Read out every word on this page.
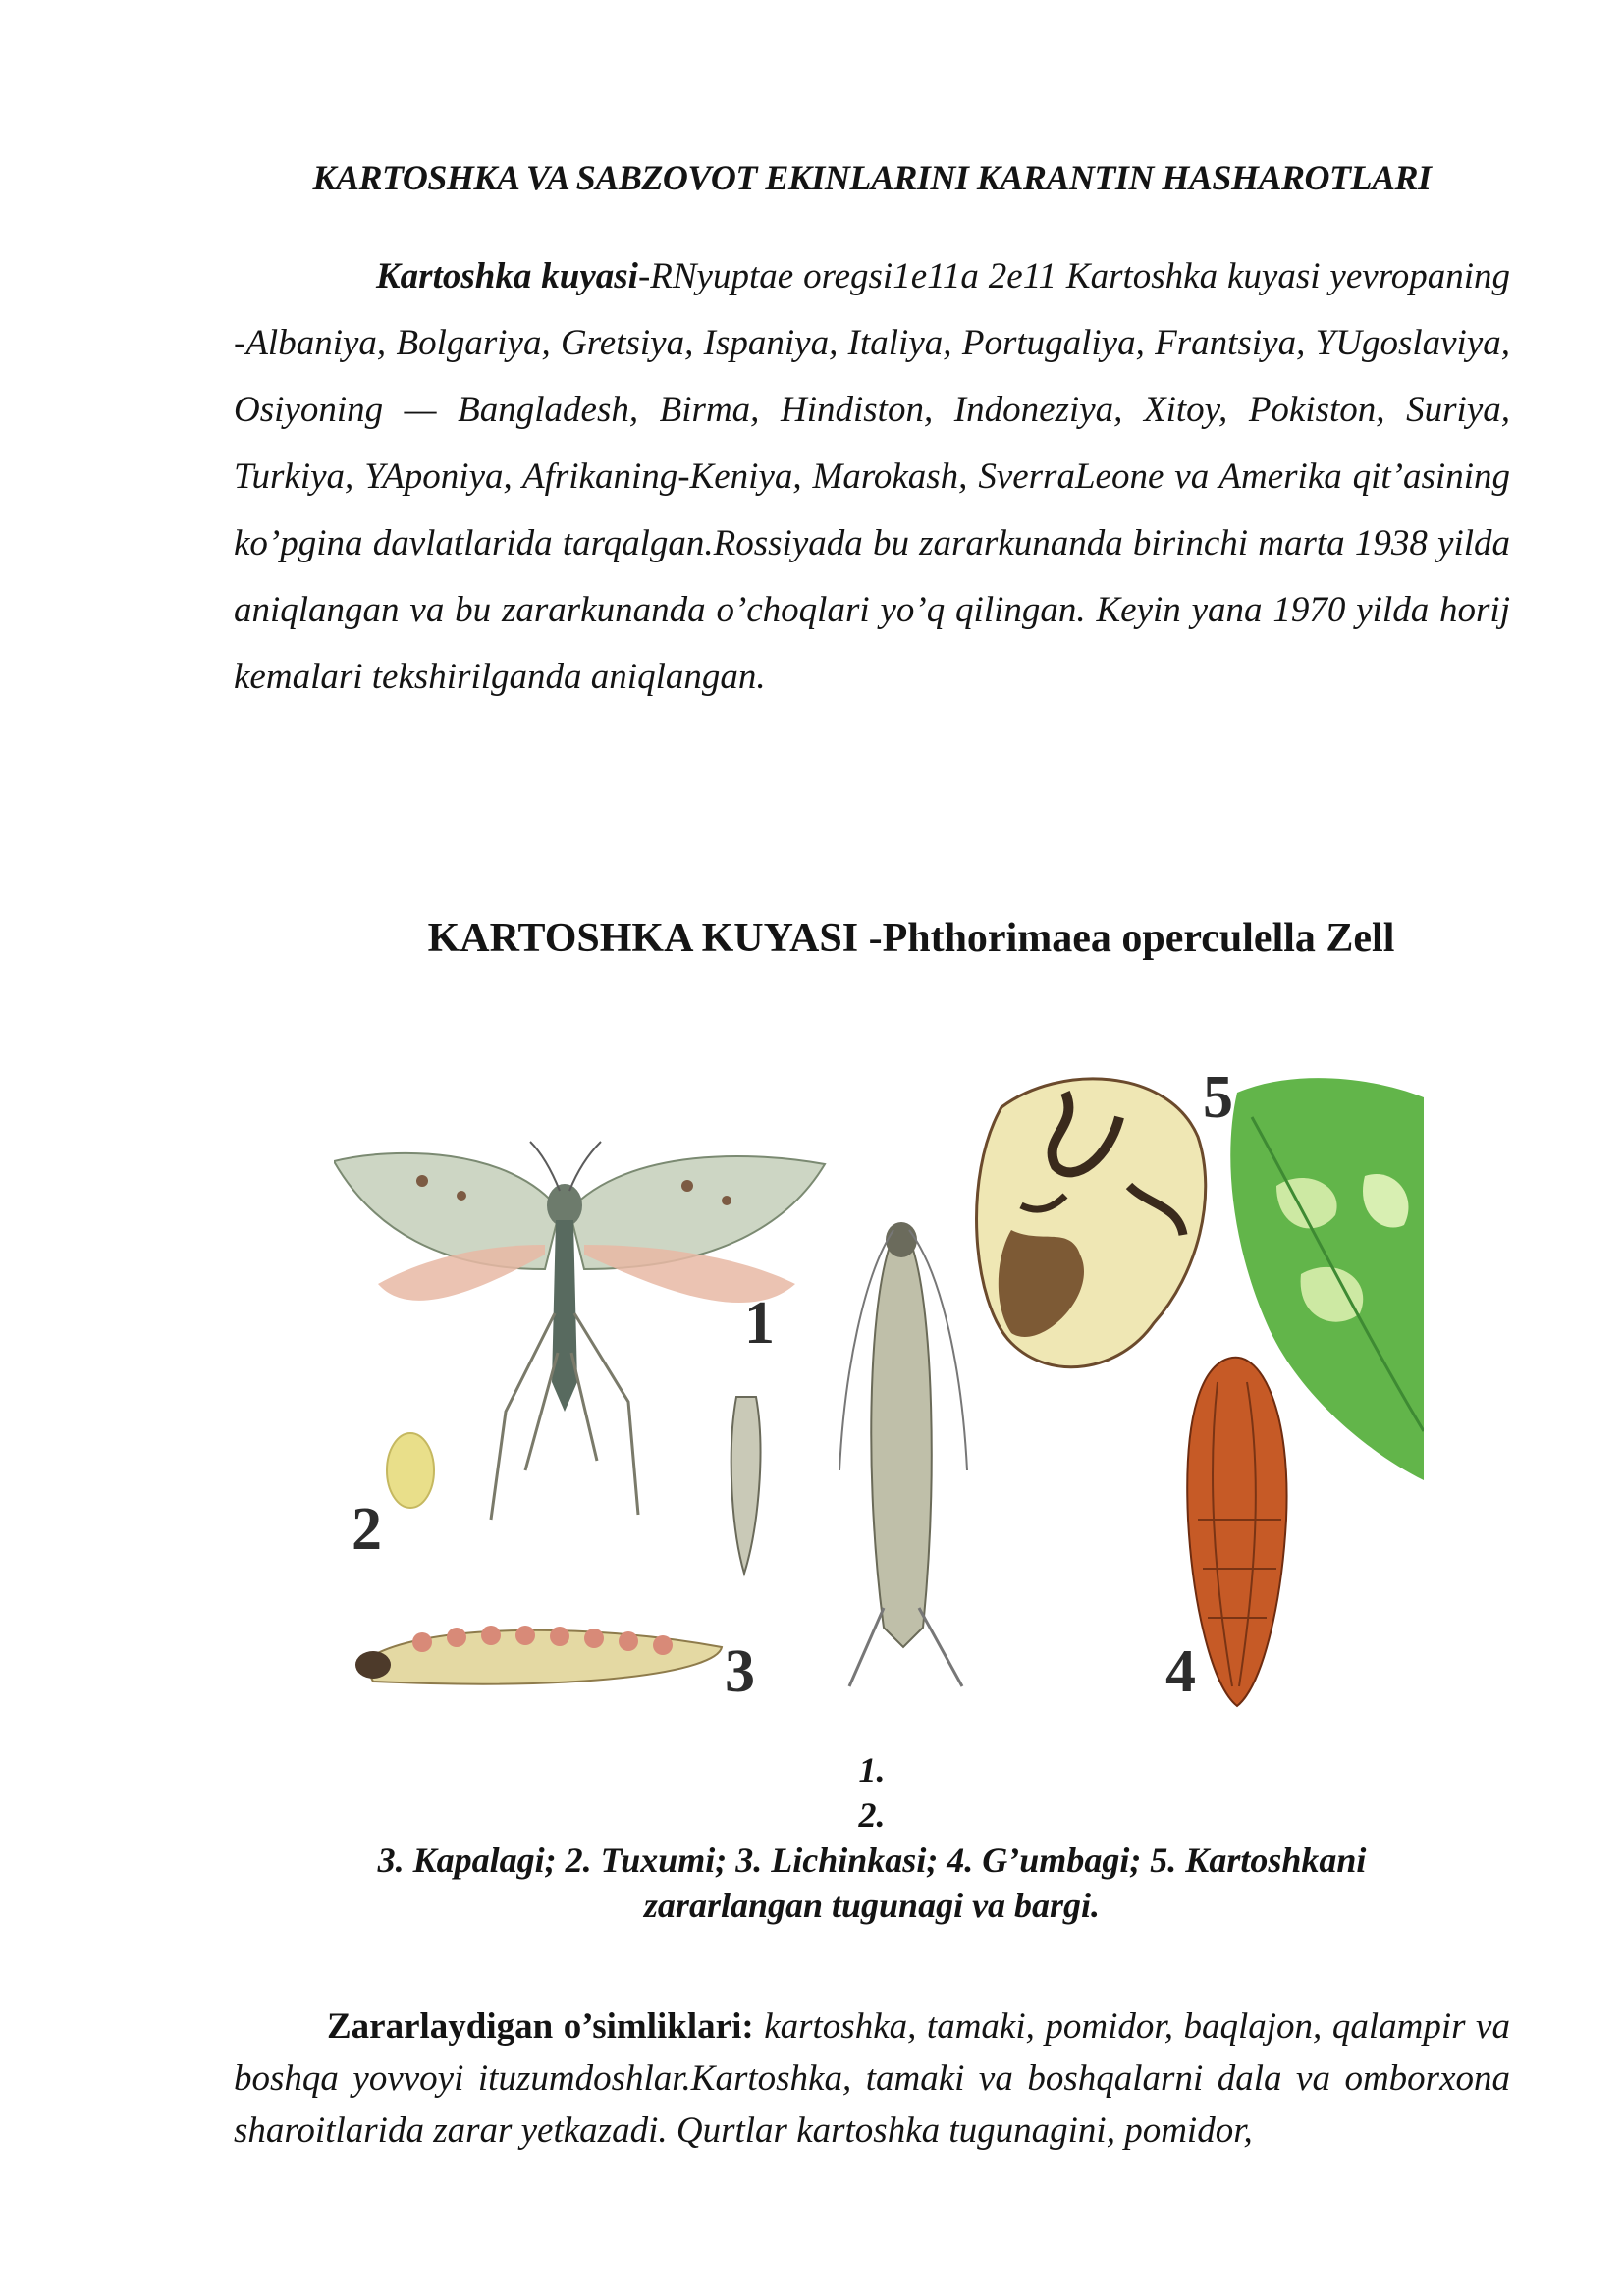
KARTOSHKA VA SABZOVOT EKINLARINI KARANTIN HASHAROTLARI
Kartoshka kuyasi-RNyuptae oregsi1e11a 2e11 Kartoshka kuyasi yevropaning -Albaniya, Bolgariya, Gretsiya, Ispaniya, Italiya, Portugaliya, Frantsiya, YUgoslaviya, Osiyoning — Bangladesh, Birma, Hindiston, Indoneziya, Xitoy, Pokiston, Suriya, Turkiya, YAponiya, Afrikaning-Keniya, Marokash, SverraLeone va Amerika qit’asining ko’pgina davlatlarida tarqalgan.Rossiyada bu zararkunanda birinchi marta 1938 yilda aniqlangan va bu zararkunanda o’choqlari yo’q qilingan. Keyin yana 1970 yilda horij kemalari tekshirilganda aniqlangan.
KARTOSHKA KUYASI -Phthorimaea operculella Zell
1
2
3	4
5
1.
2.
3. Kapalagi; 2. Tuxumi; 3. Lichinkasi; 4. G’umbagi; 5. Kartoshkani
zararlangan tugunagi va bargi.
Zararlaydigan o’simliklari: kartoshka, tamaki, pomidor, baqlajon, qalampir va boshqa yovvoyi ituzumdoshlar.Kartoshka, tamaki va boshqalarni dala va omborxona sharoitlarida zarar yetkazadi. Qurtlar kartoshka tugunagini, pomidor,
